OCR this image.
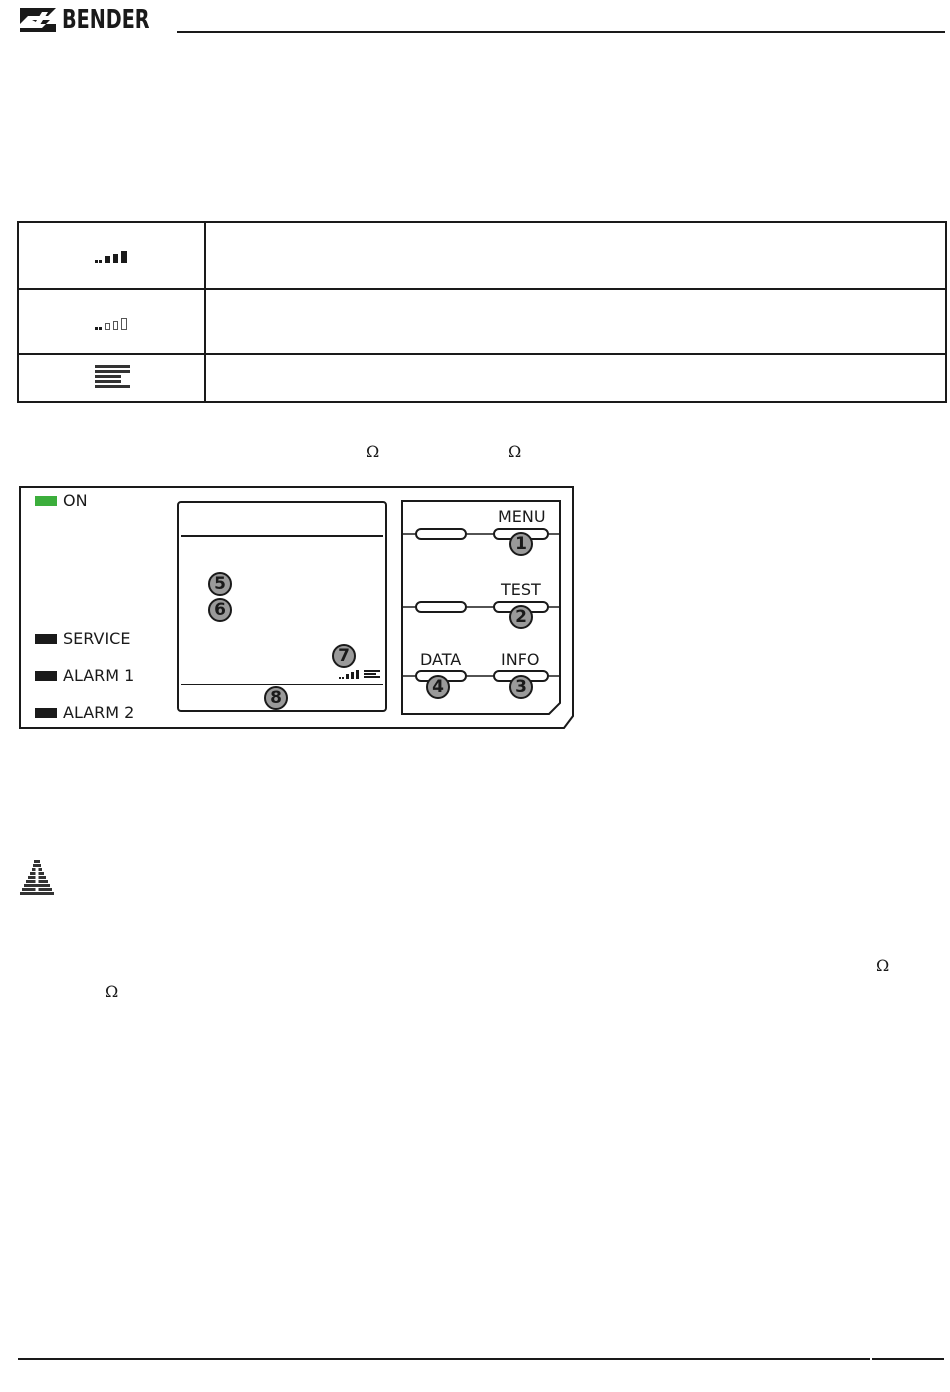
BENDER
Ω	Ω
ON
SERVICE
ALARM 1
ALARM 2
MENU
TEST
DATA INFO
1
2
3
4
5
6
7
8
Ω
Ω
